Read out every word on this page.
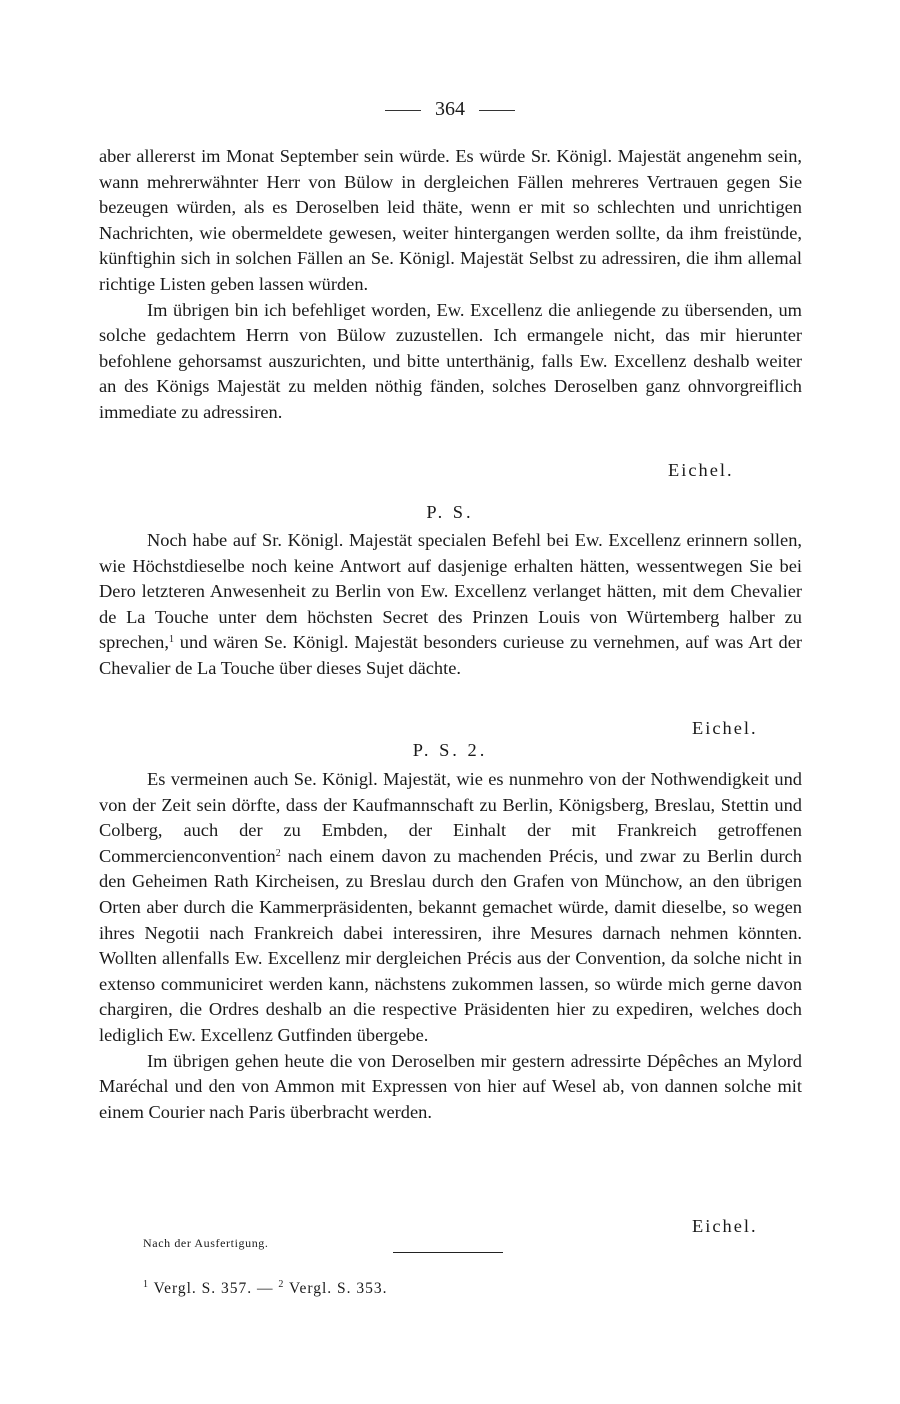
364

aber allererst im Monat September sein würde. Es würde Sr. Königl. Majestät angenehm sein, wann mehrerwähnter Herr von Bülow in dergleichen Fällen mehreres Vertrauen gegen Sie bezeugen würden, als es Deroselben leid thäte, wenn er mit so schlechten und unrichtigen Nachrichten, wie obermeldete gewesen, weiter hintergangen werden sollte, da ihm freistünde, künftighin sich in solchen Fällen an Se. Königl. Majestät Selbst zu adressiren, die ihm allemal richtige Listen geben lassen würden.

Im übrigen bin ich befehliget worden, Ew. Excellenz die anliegende zu übersenden, um solche gedachtem Herrn von Bülow zuzustellen. Ich ermangele nicht, das mir hierunter befohlene gehorsamst auszurichten, und bitte unterthänig, falls Ew. Excellenz deshalb weiter an des Königs Majestät zu melden nöthig fänden, solches Deroselben ganz ohnvorgreiflich immediate zu adressiren.

Eichel.
P. S.

Noch habe auf Sr. Königl. Majestät specialen Befehl bei Ew. Excellenz erinnern sollen, wie Höchstdieselbe noch keine Antwort auf dasjenige erhalten hätten, wessentwegen Sie bei Dero letzteren Anwesenheit zu Berlin von Ew. Excellenz verlanget hätten, mit dem Chevalier de La Touche unter dem höchsten Secret des Prinzen Louis von Würtemberg halber zu sprechen,$^1$ und wären Se. Königl. Majestät besonders curieuse zu vernehmen, auf was Art der Chevalier de La Touche über dieses Sujet dächte.

Eichel.
P. S. 2.

Es vermeinen auch Se. Königl. Majestät, wie es nunmehro von der Nothwendigkeit und von der Zeit sein dörfte, dass der Kaufmannschaft zu Berlin, Königsberg, Breslau, Stettin und Colberg, auch der zu Embden, der Einhalt der mit Frankreich getroffenen Commercienconvention$^2$ nach einem davon zu machenden Précis, und zwar zu Berlin durch den Geheimen Rath Kircheisen, zu Breslau durch den Grafen von Münchow, an den übrigen Orten aber durch die Kammerpräsidenten, bekannt gemachet würde, damit dieselbe, so wegen ihres Negotii nach Frankreich dabei interessiren, ihre Mesures darnach nehmen könnten. Wollten allenfalls Ew. Excellenz mir dergleichen Précis aus der Convention, da solche nicht in extenso communiciret werden kann, nächstens zukommen lassen, so würde mich gerne davon chargiren, die Ordres deshalb an die respective Präsidenten hier zu expediren, welches doch lediglich Ew. Excellenz Gutfinden übergebe.

Im übrigen gehen heute die von Deroselben mir gestern adressirte Dépêches an Mylord Maréchal und den von Ammon mit Expressen von hier auf Wesel ab, von dannen solche mit einem Courier nach Paris überbracht werden.

Eichel.
Nach der Ausfertigung.
$^1$ Vergl. S. 357. — $^2$ Vergl. S. 353.
